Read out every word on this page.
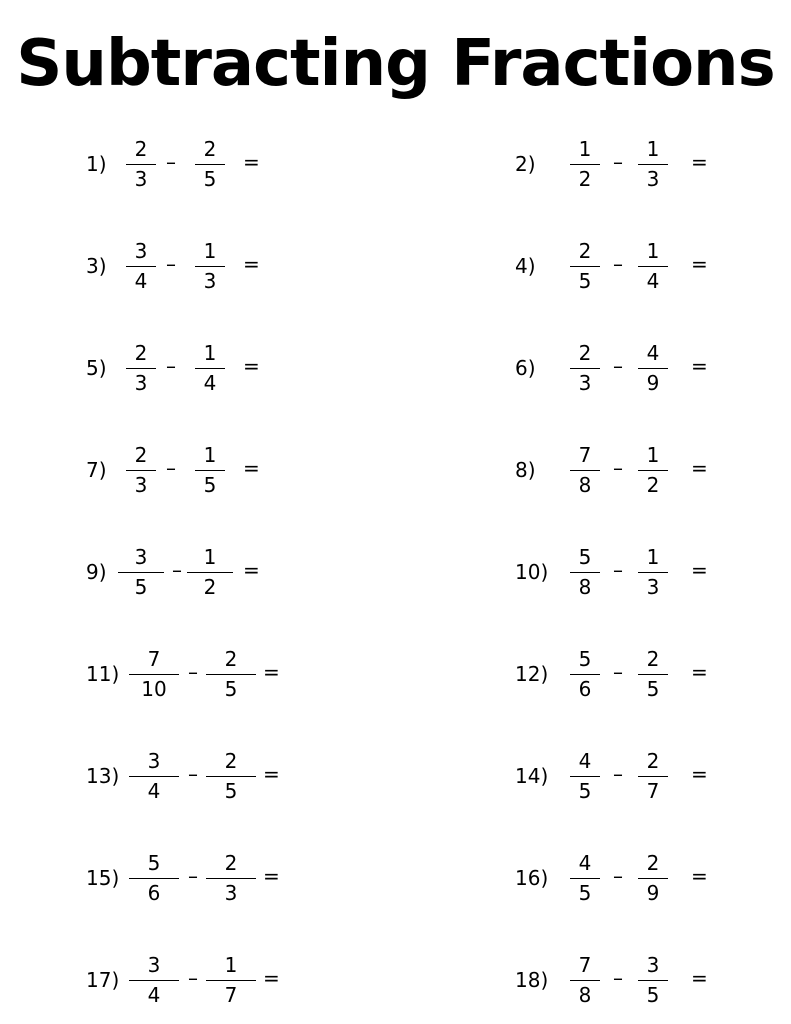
Subtracting Fractions
1)
2
3
–
2
5
=	2)
1
2
–
1
3
=
3)
3
4
–
1
3
=	4)
2
5
–
1
4
=
5)
2
3
–
1
4
=	6)
2
3
–
4
9
=
7)
2
3
–
1
5
=	8)
7
8
–
1
2
=
9)
3
5
–
1
2
=	10)
5
8
–
1
3
=
11)
7
10
–
2
5
=	12)
5
6
–
2
5
=
13)
3
4
–
2
5
=	14)
4
5
–
2
7
=
15)
5
6
–
2
3
=	16)
4
5
–
2
9
=
17)
3
4
–
1
7
=	18)
7
8
–
3
5
=
